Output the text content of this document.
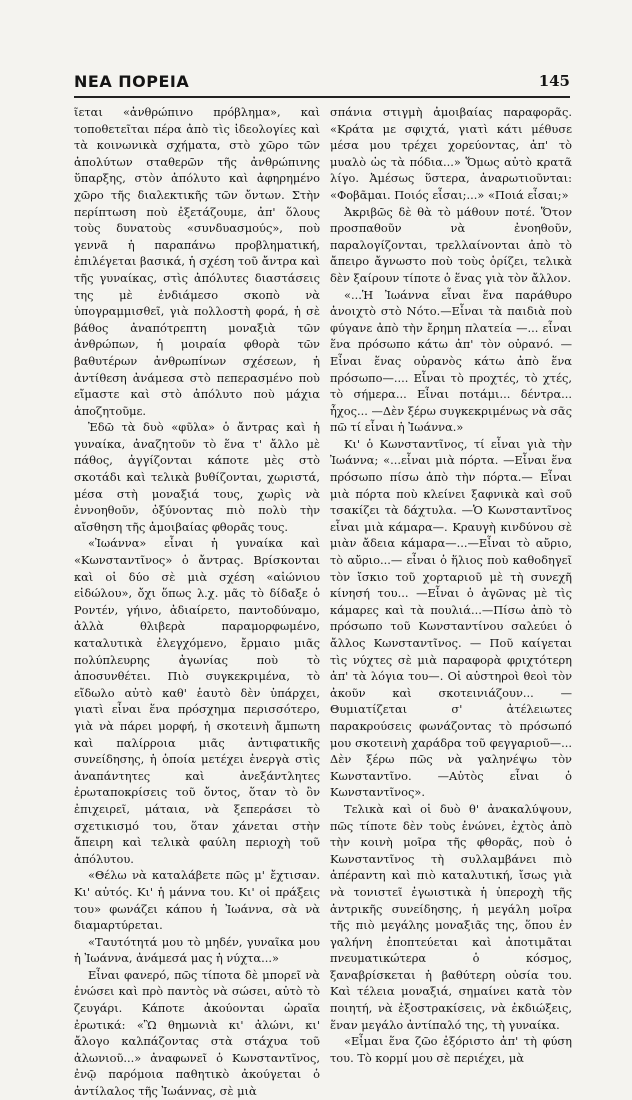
ΝΕΑ ΠΟΡΕΙΑ	145

ῖεται «ἀνθρώπινο πρόβλημα», καὶ τοποθετεῖται πέρα ἀπὸ τὶς ἰδεολογίες καὶ τὰ κοινωνικὰ σχήματα, στὸ χῶρο τῶν ἀπολύτων σταθερῶν τῆς ἀνθρώπινης ὕπαρξης, στὸν ἀπόλυτο καὶ ἀφηρημένο χῶρο τῆς διαλεκτικῆς τῶν ὄντων. Στὴν περίπτωση ποὺ ἐξετάζουμε, ἀπ' ὅλους τοὺς δυνατοὺς «συνδυασμούς», ποὺ γεννᾶ ἡ παραπάνω προβληματική, ἐπιλέγεται βασικά, ἡ σχέση τοῦ ἄντρα καὶ τῆς γυναίκας, στὶς ἀπόλυτες διαστάσεις της μὲ ἐνδιάμεσο σκοπὸ νὰ ὑπογραμμισθεῖ, γιὰ πολλοστὴ φορά, ἡ σὲ βάθος ἀναπότρεπτη μοναξιὰ τῶν ἀνθρώπων, ἡ μοιραία φθορὰ τῶν βαθυτέρων ἀνθρωπίνων σχέσεων, ἡ ἀντίθεση ἀνάμεσα στὸ πεπερασμένο ποὺ εἴμαστε καὶ στὸ ἀπόλυτο ποὺ μάχια ἀποζητοῦμε.

Ἐδῶ τὰ δυὸ «φῦλα» ὁ ἄντρας καὶ ἡ γυναίκα, ἀναζητοῦν τὸ ἕνα τ' ἄλλο μὲ πάθος, ἀγγίζονται κάποτε μὲς στὸ σκοτάδι καὶ τελικὰ βυθίζονται, χωριστά, μέσα στὴ μοναξιά τους, χωρὶς νὰ ἐννοηθοῦν, ὀξύνοντας πιὸ πολὺ τὴν αἴσθηση τῆς ἀμοιβαίας φθορᾶς τους.

«Ἰωάννα» εἶναι ἡ γυναίκα καὶ «Κωνσταντῖνος» ὁ ἄντρας. Βρίσκονται καὶ οἱ δύο σὲ μιὰ σχέση «αἰώνιου εἰδώλου», ὄχι ὅπως λ.χ. μᾶς τὸ δίδαξε ὁ Ροντέν, γήινο, ἀδιαίρετο, παντοδύναμο, ἀλλὰ θλιβερὰ παραμορφωμένο, καταλυτικὰ ἐλεγχόμενο, ἔρμαιο μιᾶς πολύπλευρης ἀγωνίας ποὺ τὸ ἀποσυνθέτει. Πιὸ συγκεκριμένα, τὸ εἴδωλο αὐτὸ καθ' ἑαυτὸ δὲν ὑπάρχει, γιατὶ εἶναι ἕνα πρόσχημα περισσότερο, γιὰ νὰ πάρει μορφή, ἡ σκοτεινὴ ἄμπωτη καὶ παλίρροια μιᾶς ἀντιφατικῆς συνείδησης, ἡ ὁποία μετέχει ἐνεργὰ στὶς ἀναπάντητες καὶ ἀνεξάντλητες ἐρωταποκρίσεις τοῦ ὄντος, ὅταν τὸ ὂν ἐπιχειρεῖ, μάταια, νὰ ξεπεράσει τὸ σχετικισμό του, ὅταν χάνεται στὴν ἄπειρη καὶ τελικὰ φαύλη περιοχὴ τοῦ ἀπόλυτου.

«Θέλω νὰ καταλάβετε πῶς μ' ἔχτισαν. Κι' αὐτός. Κι' ἡ μάννα του. Κι' οἱ πράξεις του» φωνάζει κάπου ἡ Ἰωάννα, σὰ νὰ διαμαρτύρεται.

«Ταυτότητά μου τὸ μηδέν, γυναῖκα μου ἡ Ἰωάννα, ἀνάμεσά μας ἡ νύχτα...»

Εἶναι φανερό, πῶς τίποτα δὲ μπορεῖ νὰ ἑνώσει καὶ πρὸ παντὸς νὰ σώσει, αὐτὸ τὸ ζευγάρι. Κάποτε ἀκούονται ὡραῖα ἐρωτικά: «Ὢ θημωνιὰ κι' ἀλώνι, κι' ἄλογο καλπάζοντας στὰ στάχυα τοῦ ἀλωνιοῦ...» ἀναφωνεῖ ὁ Κωνσταντῖνος, ἐνῷ παρόμοια παθητικὸ ἀκούγεται ὁ ἀντίλαλος τῆς Ἰωάννας, σὲ μιὰ

σπάνια στιγμὴ ἀμοιβαίας παραφορᾶς. «Κράτα με σφιχτά, γιατὶ κάτι μέθυσε μέσα μου τρέχει χορεύοντας, ἀπ' τὸ μυαλὸ ὡς τὰ πόδια...» Ὅμως αὐτὸ κρατᾶ λίγο. Ἀμέσως ὕστερα, ἀναρωτιοῦνται: «Φοβᾶμαι. Ποιός εἶσαι;...» «Ποιά εἶσαι;»

Ἀκριβῶς δὲ θὰ τὸ μάθουν ποτέ. Ὅτον προσπαθοῦν νὰ ἐνοηθοῦν, παραλογίζονται, τρελλαίνονται ἀπὸ τὸ ἄπειρο ἄγνωστο ποὺ τοὺς ὁρίζει, τελικὰ δὲν ξαίρουν τίποτε ὁ ἕνας γιὰ τὸν ἄλλον.

«...Ἡ Ἰωάννα εἶναι ἕνα παράθυρο ἀνοιχτὸ στὸ Νότο.—Εἶναι τὰ παιδιὰ ποὺ φύγανε ἀπὸ τὴν ἔρημη πλατεία —... εἶναι ἕνα πρόσωπο κάτω ἀπ' τὸν οὐρανό. —Εἶναι ἕνας οὐρανὸς κάτω ἀπὸ ἕνα πρόσωπο—.... Εἶναι τὸ προχτές, τὸ χτές, τὸ σήμερα... Εἶναι ποτάμι... δέντρα... ἦχος... —Δὲν ξέρω συγκεκριμένως νὰ σᾶς πῶ τί εἶναι ἡ Ἰωάννα.»

Κι' ὁ Κωνσταντῖνος, τί εἶναι γιὰ τὴν Ἰωάννα; «...εἶναι μιὰ πόρτα. —Εἶναι ἕνα πρόσωπο πίσω ἀπὸ τὴν πόρτα.— Εἶναι μιὰ πόρτα ποὺ κλείνει ξαφνικὰ καὶ σοῦ τσακίζει τὰ δάχτυλα. —Ὁ Κωνσταντῖνος εἶναι μιὰ κάμαρα—. Κραυγὴ κινδύνου σὲ μιὰν ἄδεια κάμαρα—...—Εἶναι τὸ αὔριο, τὸ αὔριο...— εἶναι ὁ ἥλιος ποὺ καθοδηγεῖ τὸν ἴσκιο τοῦ χορταριοῦ μὲ τὴ συνεχῆ κίνησή του... —Εἶναι ὁ ἀγῶνας μὲ τὶς κάμαρες καὶ τὰ πουλιά...—Πίσω ἀπὸ τὸ πρόσωπο τοῦ Κωνσταντίνου σαλεύει ὁ ἄλλος Κωνσταντῖνος. — Ποῦ καίγεται τὶς νύχτες σὲ μιὰ παραφορὰ φριχτότερη ἀπ' τὰ λόγια του—. Οἱ αὐστηροὶ θεοὶ τὸν ἀκοῦν καὶ σκοτεινιάζουν... — Θυμιατίζεται σ' ἀτέλειωτες παρακρούσεις φωνάζοντας τὸ πρόσωπό μου σκοτεινὴ χαράδρα τοῦ φεγγαριοῦ—... Δὲν ξέρω πῶς νὰ γαληνέψω τὸν Κωνσταντῖνο. —Αὐτὸς εἶναι ὁ Κωνσταντῖνος».

Τελικὰ καὶ οἱ δυὸ θ' ἀνακαλύψουν, πῶς τίποτε δὲν τοὺς ἑνώνει, ἐχτὸς ἀπὸ τὴν κοινὴ μοῖρα τῆς φθορᾶς, ποὺ ὁ Κωνσταντῖνος τὴ συλλαμβάνει πιὸ ἀπέραντη καὶ πιὸ καταλυτική, ἴσως γιὰ νὰ τονιστεῖ ἐγωιστικὰ ἡ ὑπεροχὴ τῆς ἀντρικῆς συνείδησης, ἡ μεγάλη μοῖρα τῆς πιὸ μεγάλης μοναξιᾶς της, ὅπου ἐν γαλήνη ἐποπτεύεται καὶ ἀποτιμᾶται πνευματικώτερα ὁ κόσμος, ξαναβρίσκεται ἡ βαθύτερη οὐσία του. Καὶ τέλεια μοναξιά, σημαίνει κατὰ τὸν ποιητή, νὰ ἐξοστρακίσεις, νὰ ἐκδιώξεις, ἕναν μεγάλο ἀντίπαλό της, τὴ γυναίκα.

«Εἶμαι ἕνα ζῶο ἐξόριστο ἀπ' τὴ φύση του. Τὸ κορμί μου σὲ περιέχει, μὰ
